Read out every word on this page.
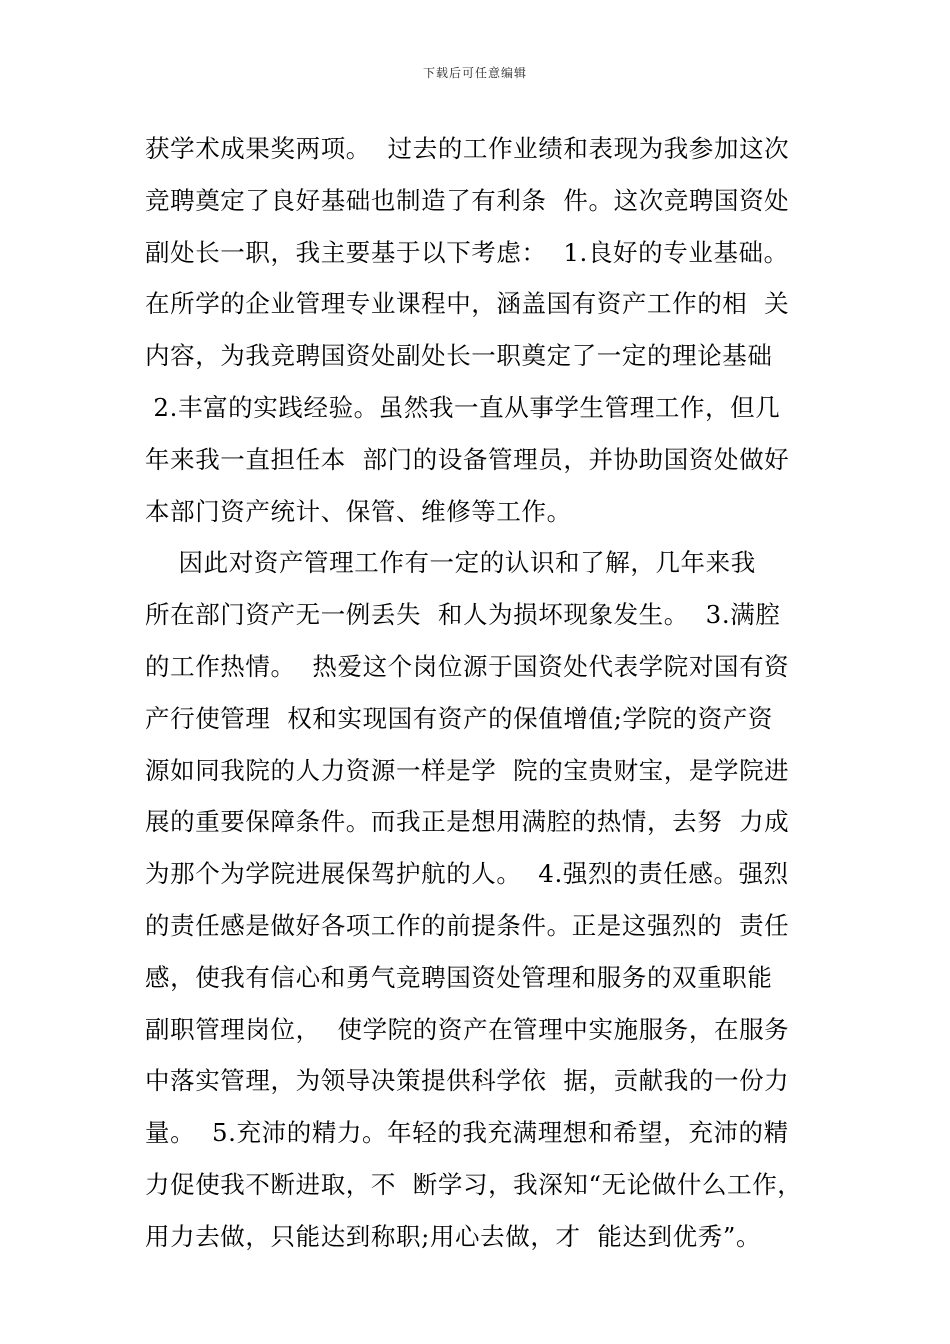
下载后可任意编辑
获学术成果奖两项。  过去的工作业绩和表现为我参加这次
竞聘奠定了良好基础也制造了有利条  件。这次竞聘国资处
副处长一职，我主要基于以下考虑：  1.良好的专业基础。
在所学的企业管理专业课程中，涵盖国有资产工作的相  关
内容，为我竞聘国资处副处长一职奠定了一定的理论基础
2.丰富的实践经验。虽然我一直从事学生管理工作，但几
年来我一直担任本  部门的设备管理员，并协助国资处做好
本部门资产统计、保管、维修等工作。
因此对资产管理工作有一定的认识和了解，几年来我
所在部门资产无一例丢失  和人为损坏现象发生。  3.满腔
的工作热情。  热爱这个岗位源于国资处代表学院对国有资
产行使管理  权和实现国有资产的保值增值;学院的资产资
源如同我院的人力资源一样是学  院的宝贵财宝，是学院进
展的重要保障条件。而我正是想用满腔的热情，去努  力成
为那个为学院进展保驾护航的人。  4.强烈的责任感。强烈
的责任感是做好各项工作的前提条件。正是这强烈的  责任
感，使我有信心和勇气竞聘国资处管理和服务的双重职能
副职管理岗位，  使学院的资产在管理中实施服务，在服务
中落实管理，为领导决策提供科学依  据，贡献我的一份力
量。  5.充沛的精力。年轻的我充满理想和希望，充沛的精
力促使我不断进取，不  断学习，我深知“无论做什么工作，
用力去做，只能达到称职;用心去做，才  能达到优秀”。
